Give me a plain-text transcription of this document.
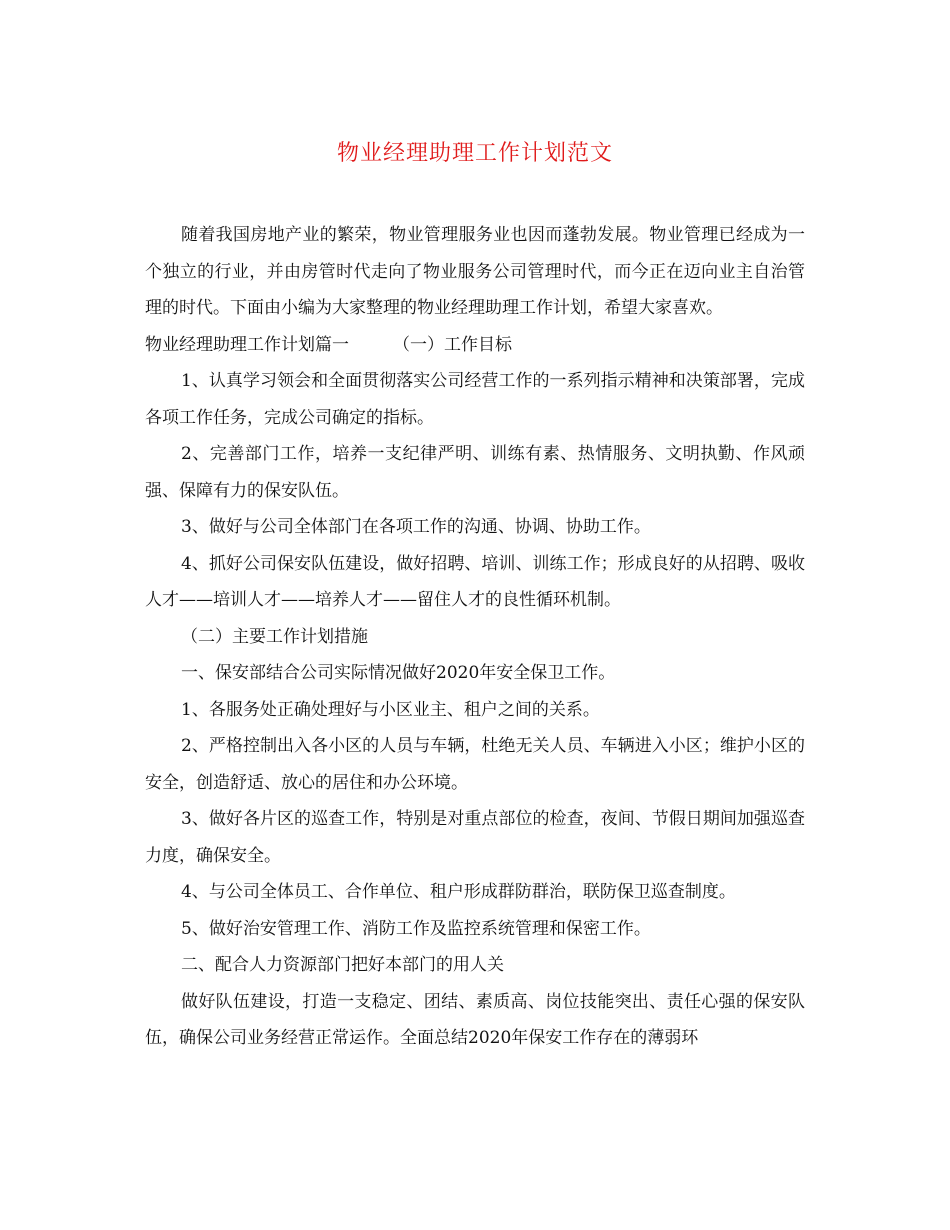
物业经理助理工作计划范文

随着我国房地产业的繁荣，物业管理服务业也因而蓬勃发展。物业管理已经成为一个独立的行业，并由房管时代走向了物业服务公司管理时代，而今正在迈向业主自治管理的时代。下面由小编为大家整理的物业经理助理工作计划，希望大家喜欢。

物业经理助理工作计划篇一	（一）工作目标

1、认真学习领会和全面贯彻落实公司经营工作的一系列指示精神和决策部署，完成各项工作任务，完成公司确定的指标。

2、完善部门工作，培养一支纪律严明、训练有素、热情服务、文明执勤、作风顽强、保障有力的保安队伍。

3、做好与公司全体部门在各项工作的沟通、协调、协助工作。

4、抓好公司保安队伍建设，做好招聘、培训、训练工作；形成良好的从招聘、吸收人才——培训人才——培养人才——留住人才的良性循环机制。

（二）主要工作计划措施

一、保安部结合公司实际情况做好2020年安全保卫工作。

1、各服务处正确处理好与小区业主、租户之间的关系。

2、严格控制出入各小区的人员与车辆，杜绝无关人员、车辆进入小区；维护小区的安全，创造舒适、放心的居住和办公环境。

3、做好各片区的巡查工作，特别是对重点部位的检查，夜间、节假日期间加强巡查力度，确保安全。

4、与公司全体员工、合作单位、租户形成群防群治，联防保卫巡查制度。

5、做好治安管理工作、消防工作及监控系统管理和保密工作。

二、配合人力资源部门把好本部门的用人关

做好队伍建设，打造一支稳定、团结、素质高、岗位技能突出、责任心强的保安队伍，确保公司业务经营正常运作。全面总结2020年保安工作存在的薄弱环
